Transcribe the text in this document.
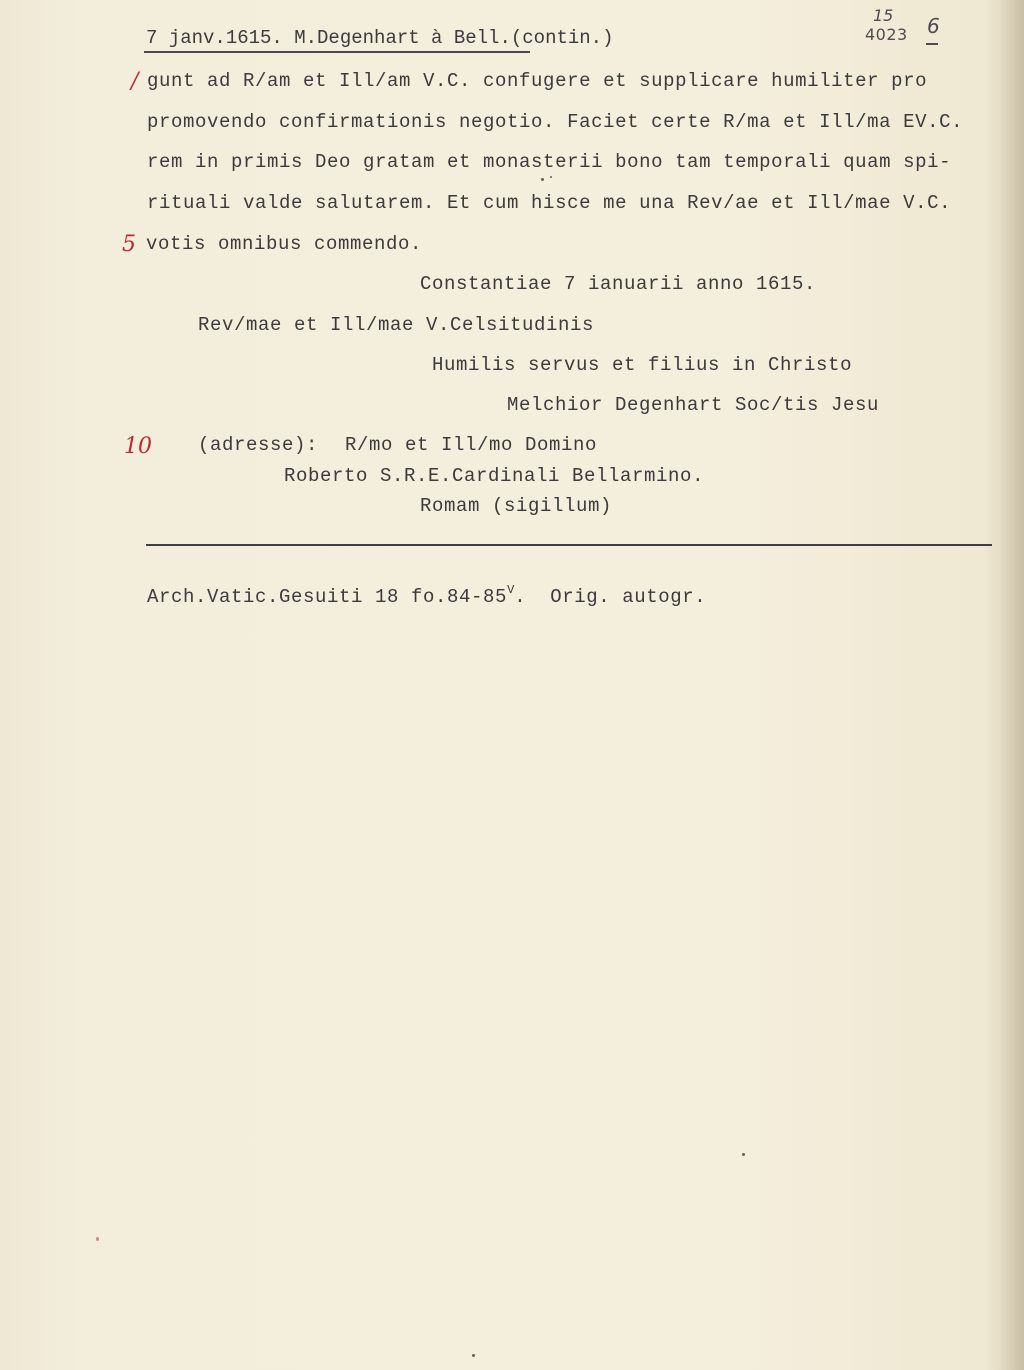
7 janv.1615. M.Degenhart à Bell.(contin.)
15
4023 6
/
5
10
gunt ad R/am et Ill/am V.C. confugere et supplicare humiliter pro
promovendo confirmationis negotio. Faciet certe R/ma et Ill/ma EV.C.
rem in primis Deo gratam et monasterii bono tam temporali quam spi-
rituali valde salutarem. Et cum hisce me una Rev/ae et Ill/mae V.C.
votis omnibus commendo.
Constantiae 7 ianuarii anno 1615.
Rev/mae et Ill/mae V.Celsitudinis
Humilis servus et filius in Christo
Melchior Degenhart Soc/tis Jesu
(adresse): R/mo et Ill/mo Domino
Roberto S.R.E.Cardinali Bellarmino.
Romam (sigillum)
Arch.Vatic.Gesuiti 18 $fo.84-85^V$.  Orig. autogr.
